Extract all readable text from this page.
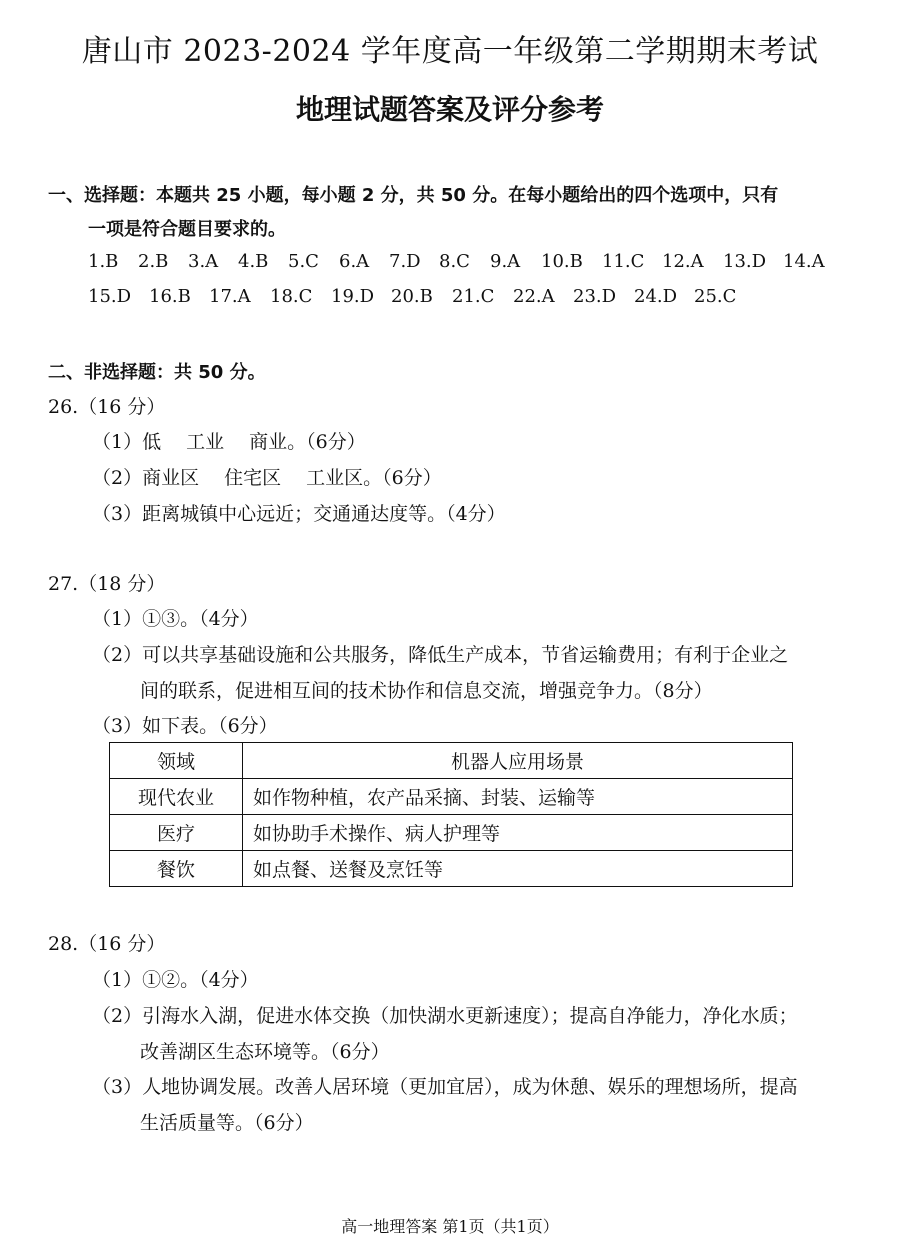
唐山市 2023-2024 学年度高一年级第二学期期末考试
地理试题答案及评分参考
一、选择题：本题共 25 小题，每小题 2 分，共 50 分。在每小题给出的四个选项中，只有
一项是符合题目要求的。
1.B 2.B 3.A 4.B 5.C 6.A 7.D 8.C 9.A 10.B 11.C 12.A 13.D 14.A
15.D 16.B 17.A 18.C 19.D 20.B 21.C 22.A 23.D 24.D 25.C
二、非选择题：共 50 分。
26.（16 分）
（1）低　 工业　 商业。（6分）
（2）商业区　 住宅区　 工业区。（6分）
（3）距离城镇中心远近；交通通达度等。（4分）
27.（18 分）
（1）①③。（4分）
（2）可以共享基础设施和公共服务，降低生产成本，节省运输费用；有利于企业之
间的联系，促进相互间的技术协作和信息交流，增强竞争力。（8分）
（3）如下表。（6分）
领域	机器人应用场景
现代农业	如作物种植，农产品采摘、封装、运输等
医疗	如协助手术操作、病人护理等
餐饮	如点餐、送餐及烹饪等
28.（16 分）
（1）①②。（4分）
（2）引海水入湖，促进水体交换（加快湖水更新速度）；提高自净能力，净化水质；
改善湖区生态环境等。（6分）
（3）人地协调发展。改善人居环境（更加宜居），成为休憩、娱乐的理想场所，提高
生活质量等。（6分）
高一地理答案 第1页（共1页）
